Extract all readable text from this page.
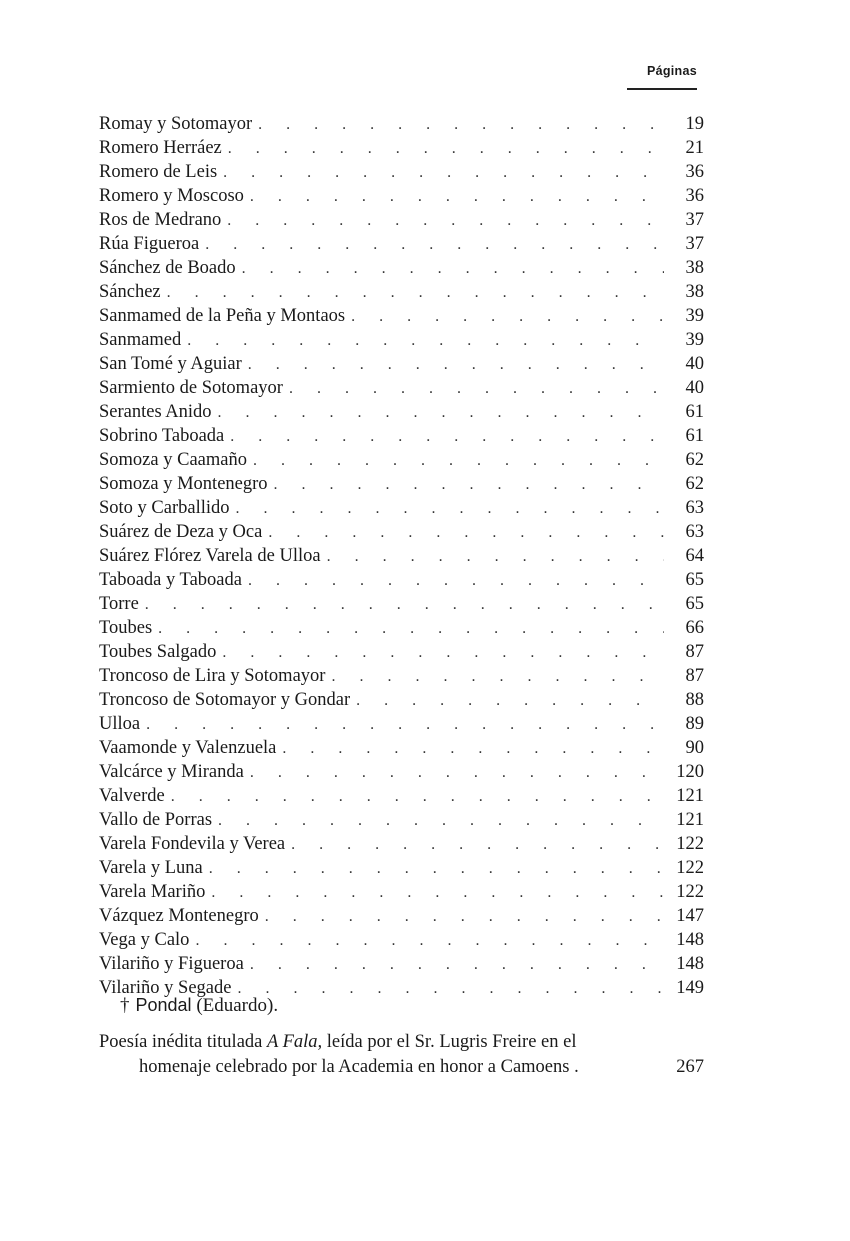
Páginas
Romay y Sotomayor . . .	19
Romero Herráez . . .	21
Romero de Leis . . .	36
Romero y Moscoso . . .	36
Ros de Medrano . . .	37
Rúa Figueroa . . .	37
Sánchez de Boado . . .	38
Sánchez . . .	38
Sanmamed de la Peña y Montaos . . .	39
Sanmamed . . .	39
San Tomé y Aguiar . . .	40
Sarmiento de Sotomayor . . .	40
Serantes Anido . . .	61
Sobrino Taboada . . .	61
Somoza y Caamaño . . .	62
Somoza y Montenegro . . .	62
Soto y Carballido . . .	63
Suárez de Deza y Oca . . .	63
Suárez Flórez Varela de Ulloa . . .	64
Taboada y Taboada . . .	65
Torre . . .	65
Toubes . . .	66
Toubes Salgado . . .	87
Troncoso de Lira y Sotomayor . . .	87
Troncoso de Sotomayor y Gondar . . .	88
Ulloa . . .	89
Vaamonde y Valenzuela . . .	90
Valcárce y Miranda . . .	120
Valverde . . .	121
Vallo de Porras . . .	121
Varela Fondevila y Verea . . .	122
Varela y Luna . . .	122
Varela Mariño . . .	122
Vázquez Montenegro . . .	147
Vega y Calo . . .	148
Vilariño y Figueroa . . .	148
Vilariño y Segade . . .	149
† Pondal (Eduardo).
Poesía inédita titulada A Fala, leída por el Sr. Lugris Freire en el
homenaje celebrado por la Academia en honor a Camoens .	267
